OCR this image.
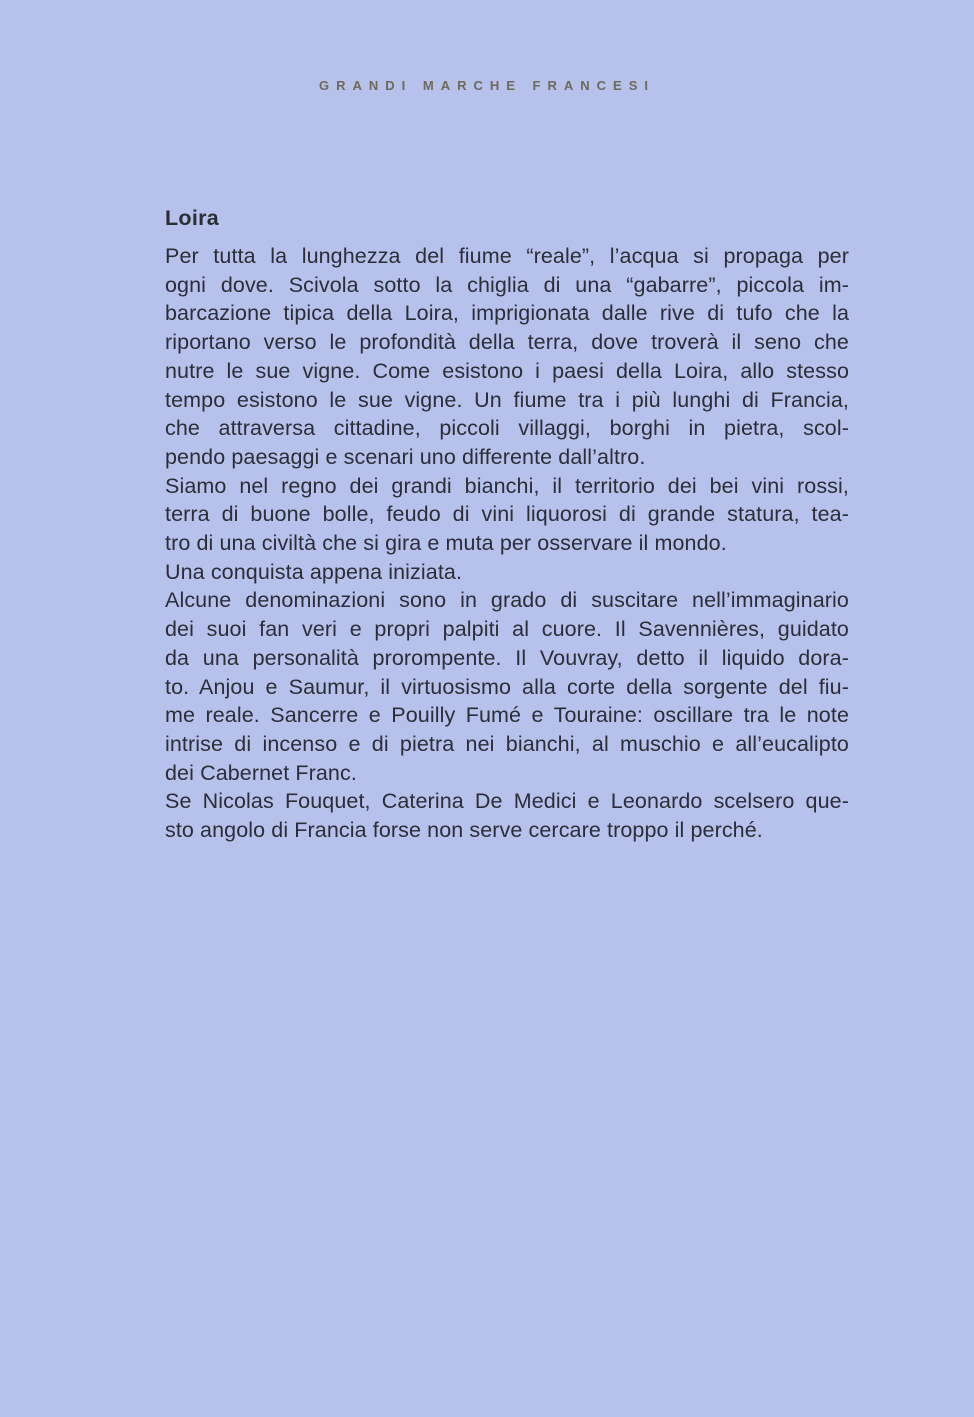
GRANDI MARCHE FRANCESI
Loira

Per tutta la lunghezza del fiume “reale”, l’acqua si propaga per
ogni dove. Scivola sotto la chiglia di una “gabarre”, piccola im-
barcazione tipica della Loira, imprigionata dalle rive di tufo che la
riportano verso le profondità della terra, dove troverà il seno che
nutre le sue vigne. Come esistono i paesi della Loira, allo stesso
tempo esistono le sue vigne. Un fiume tra i più lunghi di Francia,
che attraversa cittadine, piccoli villaggi, borghi in pietra, scol-
pendo paesaggi e scenari uno differente dall’altro.

Siamo nel regno dei grandi bianchi, il territorio dei bei vini rossi,
terra di buone bolle, feudo di vini liquorosi di grande statura, tea-
tro di una civiltà che si gira e muta per osservare il mondo.

Una conquista appena iniziata.

Alcune denominazioni sono in grado di suscitare nell’immaginario
dei suoi fan veri e propri palpiti al cuore. Il Savennières, guidato
da una personalità prorompente. Il Vouvray, detto il liquido dora-
to. Anjou e Saumur, il virtuosismo alla corte della sorgente del fiu-
me reale. Sancerre e Pouilly Fumé e Touraine: oscillare tra le note
intrise di incenso e di pietra nei bianchi, al muschio e all’eucalipto
dei Cabernet Franc.

Se Nicolas Fouquet, Caterina De Medici e Leonardo scelsero que-
sto angolo di Francia forse non serve cercare troppo il perché.
